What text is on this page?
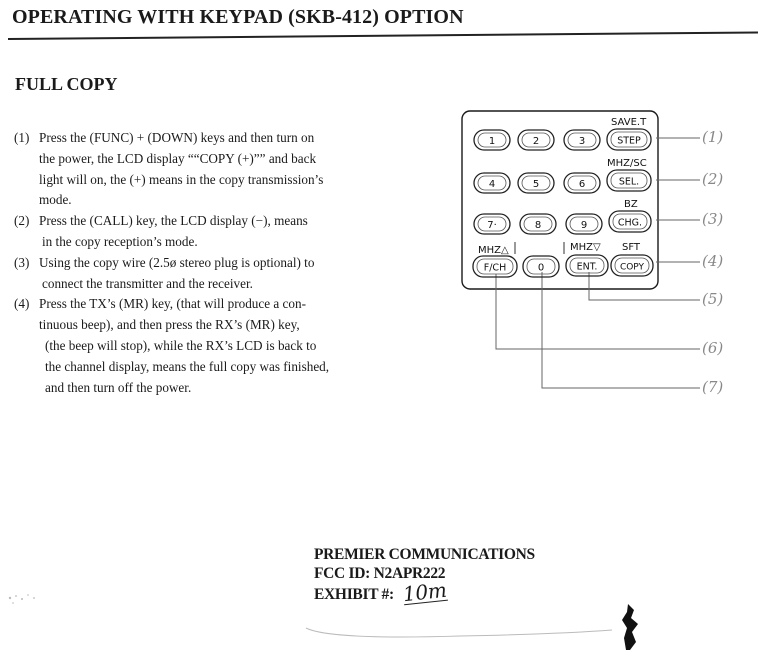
OPERATING WITH KEYPAD (SKB-412) OPTION
FULL COPY
(1) Press the (FUNC) + (DOWN) keys and then turn on
the power, the LCD display ““COPY (+)”” and back
light will on, the (+) means in the copy transmission’s
mode.
(2) Press the (CALL) key, the LCD display (−), means
in the copy reception’s mode.
(3) Using the copy wire (2.5ø stereo plug is optional) to
connect the transmitter and the receiver.
(4) Press the TX’s (MR) key, (that will produce a con-
tinuous beep), and then press the RX’s (MR) key,
(the beep will stop), while the RX’s LCD is back to
the channel display, means the full copy was finished,
and then turn off the power.
SAVE.T
MHZ/SC
BZ
MHZ△	MHZ▽ SFT
1	2	3	STEP
4	5	6	SEL.
7·	8	9	CHG.
F/CH	0	ENT.	COPY
(1)
(2)
(3)
(4)
(5)
(6)
(7)
PREMIER COMMUNICATIONS
FCC ID: N2APR222
EXHIBIT #: 10m
